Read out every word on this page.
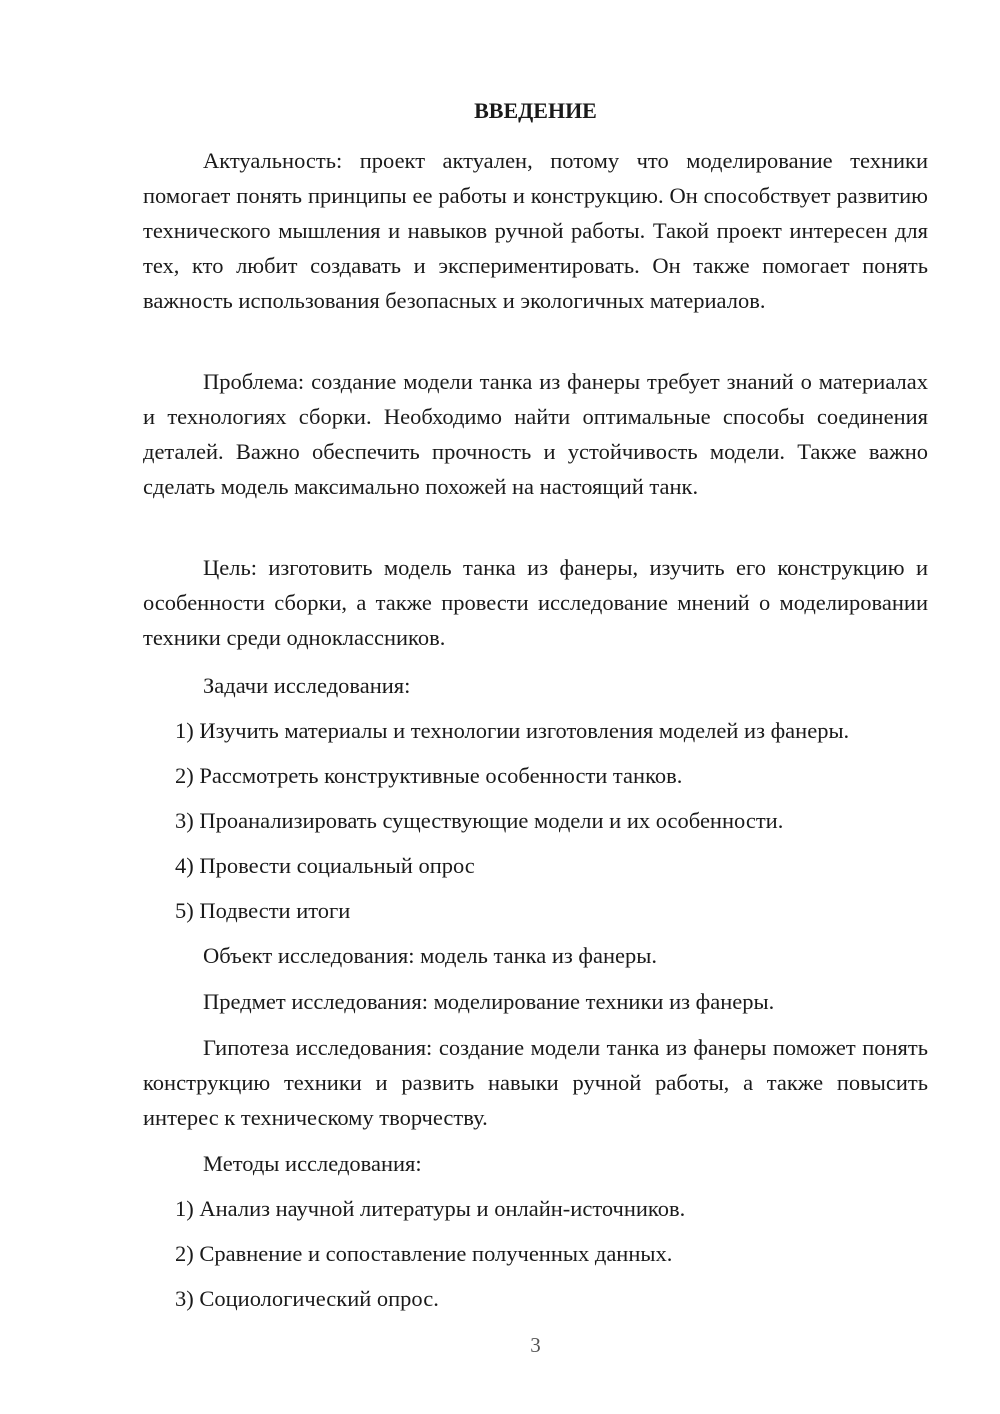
ВВЕДЕНИЕ

Актуальность: проект актуален, потому что моделирование техники помогает понять принципы ее работы и конструкцию. Он способствует развитию технического мышления и навыков ручной работы. Такой проект интересен для тех, кто любит создавать и экспериментировать. Он также помогает понять важность использования безопасных и экологичных материалов.

Проблема: создание модели танка из фанеры требует знаний о материалах и технологиях сборки. Необходимо найти оптимальные способы соединения деталей. Важно обеспечить прочность и устойчивость модели. Также важно сделать модель максимально похожей на настоящий танк.

Цель: изготовить модель танка из фанеры, изучить его конструкцию и особенности сборки, а также провести исследование мнений о моделировании техники среди одноклассников.

Задачи исследования:
1) Изучить материалы и технологии изготовления моделей из фанеры.
2) Рассмотреть конструктивные особенности танков.
3) Проанализировать существующие модели и их особенности.
4) Провести социальный опрос
5) Подвести итоги
Объект исследования: модель танка из фанеры.
Предмет исследования: моделирование техники из фанеры.

Гипотеза исследования: создание модели танка из фанеры поможет понять конструкцию техники и развить навыки ручной работы, а также повысить интерес к техническому творчеству.

Методы исследования:
1) Анализ научной литературы и онлайн-источников.
2) Сравнение и сопоставление полученных данных.
3) Социологический опрос.
3
